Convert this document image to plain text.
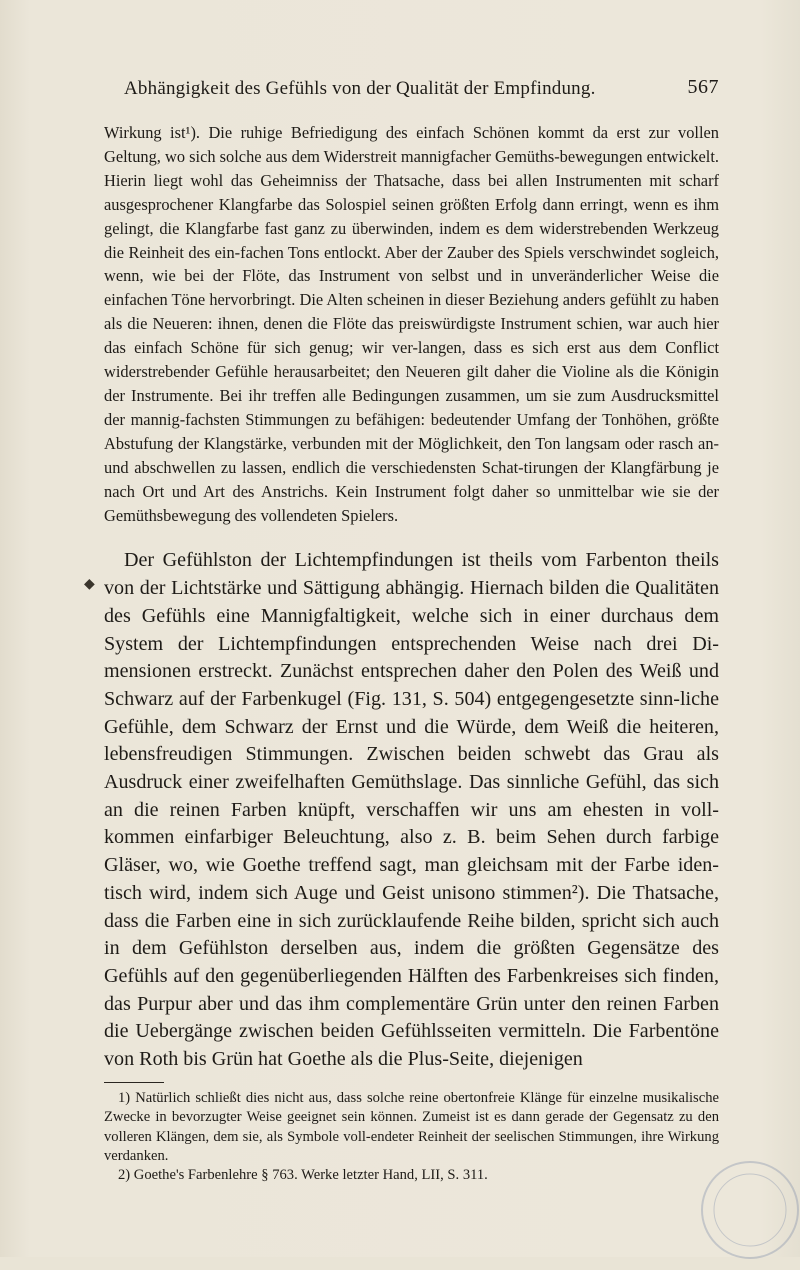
Abhängigkeit des Gefühls von der Qualität der Empfindung.	567
◆

Wirkung ist¹). Die ruhige Befriedigung des einfach Schönen kommt da erst zur vollen Geltung, wo sich solche aus dem Widerstreit mannigfacher Gemüths-bewegungen entwickelt. Hierin liegt wohl das Geheimniss der Thatsache, dass bei allen Instrumenten mit scharf ausgesprochener Klangfarbe das Solospiel seinen größten Erfolg dann erringt, wenn es ihm gelingt, die Klangfarbe fast ganz zu überwinden, indem es dem widerstrebenden Werkzeug die Reinheit des ein-fachen Tons entlockt. Aber der Zauber des Spiels verschwindet sogleich, wenn, wie bei der Flöte, das Instrument von selbst und in unveränderlicher Weise die einfachen Töne hervorbringt. Die Alten scheinen in dieser Beziehung anders gefühlt zu haben als die Neueren: ihnen, denen die Flöte das preiswürdigste Instrument schien, war auch hier das einfach Schöne für sich genug; wir ver-langen, dass es sich erst aus dem Conflict widerstrebender Gefühle herausarbeitet; den Neueren gilt daher die Violine als die Königin der Instrumente. Bei ihr treffen alle Bedingungen zusammen, um sie zum Ausdrucksmittel der mannig-fachsten Stimmungen zu befähigen: bedeutender Umfang der Tonhöhen, größte Abstufung der Klangstärke, verbunden mit der Möglichkeit, den Ton langsam oder rasch an- und abschwellen zu lassen, endlich die verschiedensten Schat-tirungen der Klangfärbung je nach Ort und Art des Anstrichs. Kein Instrument folgt daher so unmittelbar wie sie der Gemüthsbewegung des vollendeten Spielers.

Der Gefühlston der Lichtempfindungen ist theils vom Farbenton theils von der Lichtstärke und Sättigung abhängig. Hiernach bilden die Qualitäten des Gefühls eine Mannigfaltigkeit, welche sich in einer durchaus dem System der Lichtempfindungen entsprechenden Weise nach drei Di-mensionen erstreckt. Zunächst entsprechen daher den Polen des Weiß und Schwarz auf der Farbenkugel (Fig. 131, S. 504) entgegengesetzte sinn-liche Gefühle, dem Schwarz der Ernst und die Würde, dem Weiß die heiteren, lebensfreudigen Stimmungen. Zwischen beiden schwebt das Grau als Ausdruck einer zweifelhaften Gemüthslage. Das sinnliche Gefühl, das sich an die reinen Farben knüpft, verschaffen wir uns am ehesten in voll-kommen einfarbiger Beleuchtung, also z. B. beim Sehen durch farbige Gläser, wo, wie Goethe treffend sagt, man gleichsam mit der Farbe iden-tisch wird, indem sich Auge und Geist unisono stimmen²). Die Thatsache, dass die Farben eine in sich zurücklaufende Reihe bilden, spricht sich auch in dem Gefühlston derselben aus, indem die größten Gegensätze des Gefühls auf den gegenüberliegenden Hälften des Farbenkreises sich finden, das Purpur aber und das ihm complementäre Grün unter den reinen Farben die Uebergänge zwischen beiden Gefühlsseiten vermitteln. Die Farbentöne von Roth bis Grün hat Goethe als die Plus-Seite, diejenigen

1) Natürlich schließt dies nicht aus, dass solche reine obertonfreie Klänge für einzelne musikalische Zwecke in bevorzugter Weise geeignet sein können. Zumeist ist es dann gerade der Gegensatz zu den volleren Klängen, dem sie, als Symbole voll-endeter Reinheit der seelischen Stimmungen, ihre Wirkung verdanken.

2) Goethe's Farbenlehre § 763. Werke letzter Hand, LII, S. 311.
